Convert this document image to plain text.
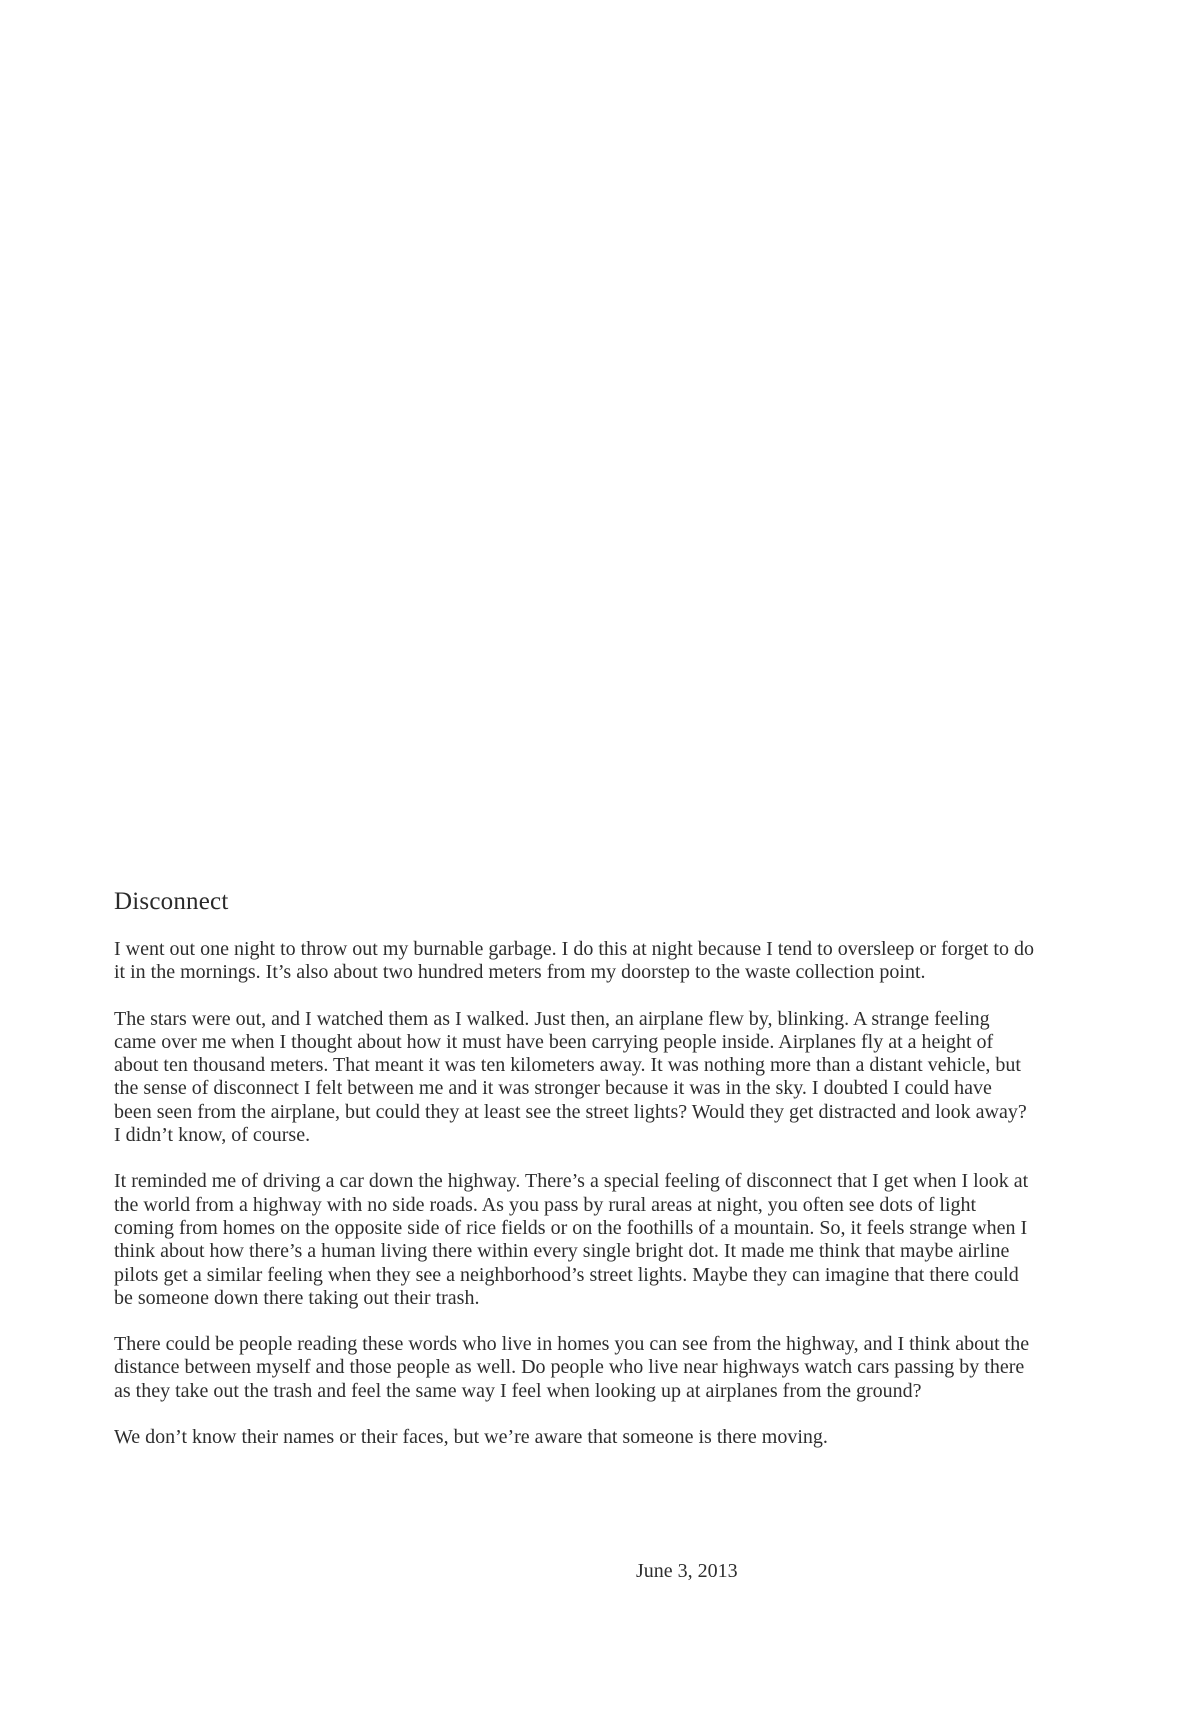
Disconnect

I went out one night to throw out my burnable garbage. I do this at night because I tend to oversleep or forget to do it in the mornings. It’s also about two hundred meters from my doorstep to the waste collection point.

The stars were out, and I watched them as I walked. Just then, an airplane flew by, blinking. A strange feeling came over me when I thought about how it must have been carrying people inside. Airplanes fly at a height of about ten thousand meters. That meant it was ten kilometers away. It was nothing more than a distant vehicle, but the sense of disconnect I felt between me and it was stronger because it was in the sky. I doubted I could have been seen from the airplane, but could they at least see the street lights? Would they get distracted and look away? I didn’t know, of course.

It reminded me of driving a car down the highway. There’s a special feeling of disconnect that I get when I look at the world from a highway with no side roads. As you pass by rural areas at night, you often see dots of light coming from homes on the opposite side of rice fields or on the foothills of a mountain. So, it feels strange when I think about how there’s a human living there within every single bright dot. It made me think that maybe airline pilots get a similar feeling when they see a neighborhood’s street lights. Maybe they can imagine that there could be someone down there taking out their trash.

There could be people reading these words who live in homes you can see from the highway, and I think about the distance between myself and those people as well. Do people who live near highways watch cars passing by there as they take out the trash and feel the same way I feel when looking up at airplanes from the ground?

We don’t know their names or their faces, but we’re aware that someone is there moving.

June 3, 2013
